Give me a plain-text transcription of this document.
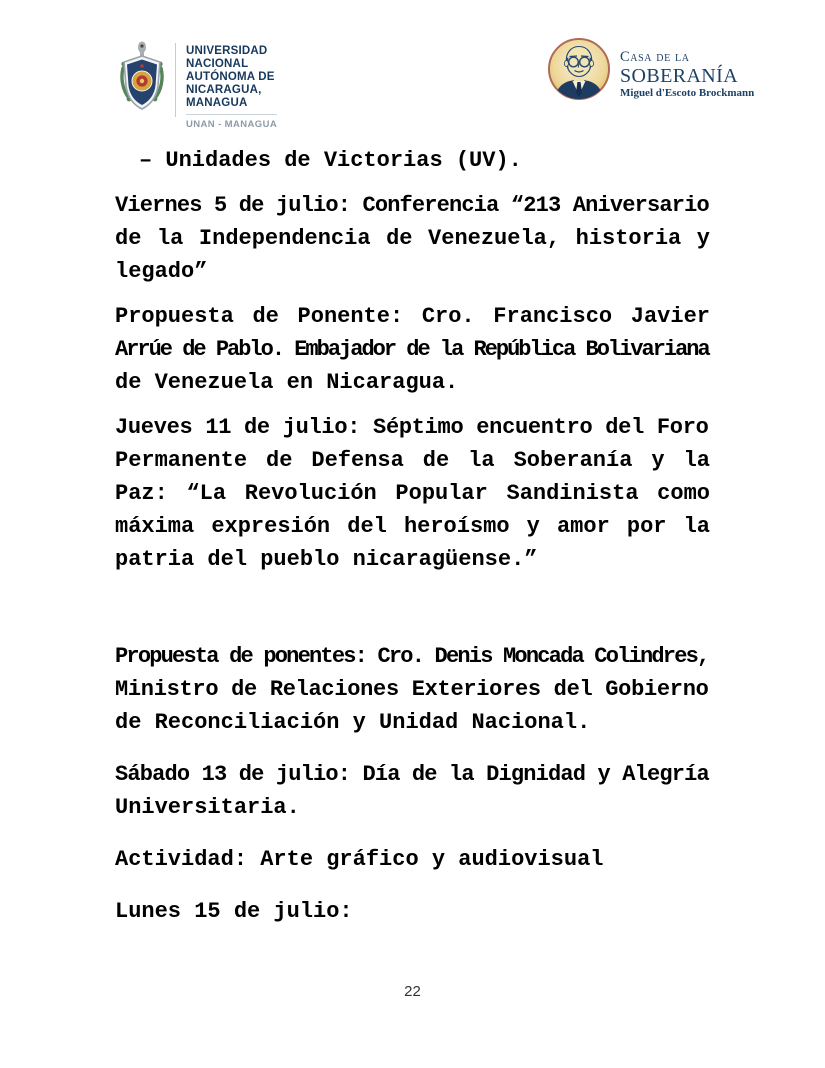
UNIVERSIDAD
NACIONAL
AUTÓNOMA DE
NICARAGUA,
MANAGUA
UNAN - MANAGUA
Casa de la
SOBERANÍA
Miguel d'Escoto Brockmann
– Unidades de Victorias (UV).
Viernes 5 de julio: Conferencia “213 Aniversario
de la Independencia de Venezuela, historia y
legado”
Propuesta de Ponente: Cro. Francisco Javier
Arrúe de Pablo. Embajador de la República Bolivariana
de Venezuela en Nicaragua.
Jueves 11 de julio: Séptimo encuentro del Foro
Permanente de Defensa de la Soberanía y la
Paz: “La Revolución Popular Sandinista como
máxima expresión del heroísmo y amor por la
patria del pueblo nicaragüense.”
Propuesta de ponentes: Cro. Denis Moncada Colindres,
Ministro de Relaciones Exteriores del Gobierno
de Reconciliación y Unidad Nacional.
Sábado 13 de julio: Día de la Dignidad y Alegría
Universitaria.
Actividad: Arte gráfico y audiovisual
Lunes 15 de julio:
22
